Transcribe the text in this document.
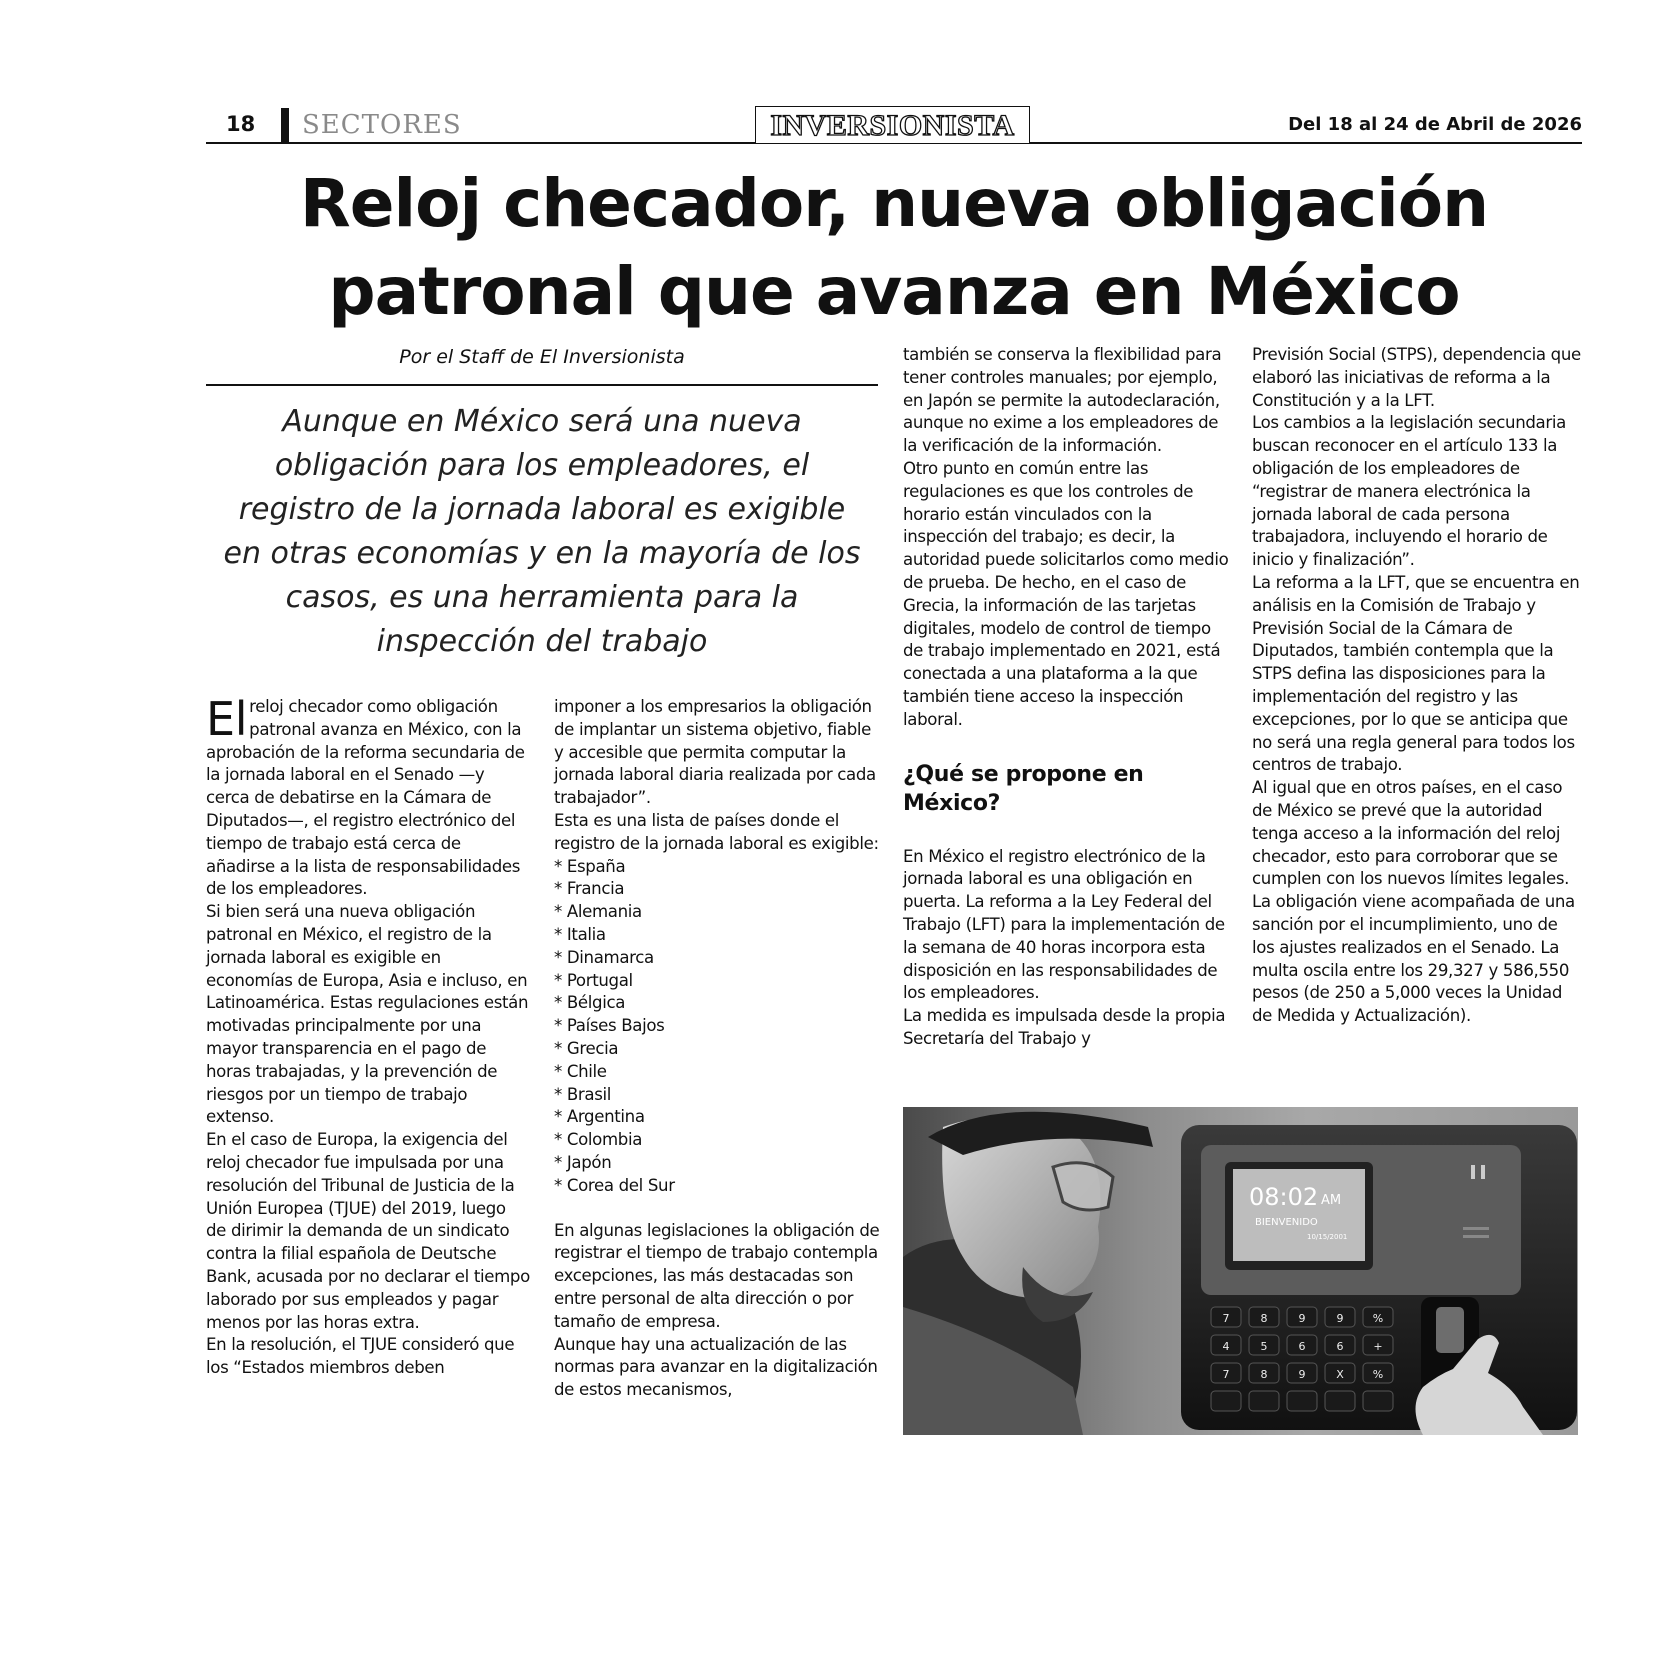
18 SECTORES	INVERSIONISTA	Del 18 al 24 de Abril de 2026
Reloj checador, nueva obligación patronal que avanza en México
Por el Staff de El Inversionista
Aunque en México será una nueva obligación para los empleadores, el registro de la jornada laboral es exigible en otras economías y en la mayoría de los casos, es una herramienta para la inspección del trabajo

El reloj checador como obligación patronal avanza en México, con la aprobación de la reforma secundaria de la jornada laboral en el Senado —y cerca de debatirse en la Cámara de Diputados—, el registro electrónico del tiempo de trabajo está cerca de añadirse a la lista de responsabilidades de los empleadores.

Si bien será una nueva obligación patronal en México, el registro de la jornada laboral es exigible en economías de Europa, Asia e incluso, en Latinoamérica. Estas regulaciones están motivadas principalmente por una mayor transparencia en el pago de horas trabajadas, y la prevención de riesgos por un tiempo de trabajo extenso.

En el caso de Europa, la exigencia del reloj checador fue impulsada por una resolución del Tribunal de Justicia de la Unión Europea (TJUE) del 2019, luego de dirimir la demanda de un sindicato contra la filial española de Deutsche Bank, acusada por no declarar el tiempo laborado por sus empleados y pagar menos por las horas extra.

En la resolución, el TJUE consideró que los “Estados miembros deben

imponer a los empresarios la obligación de implantar un sistema objetivo, fiable y accesible que permita computar la jornada laboral diaria realizada por cada trabajador”.

Esta es una lista de países donde el registro de la jornada laboral es exigible:

* España

* Francia

* Alemania

* Italia

* Dinamarca

* Portugal

* Bélgica

* Países Bajos

* Grecia

* Chile

* Brasil

* Argentina

* Colombia

* Japón

* Corea del Sur

En algunas legislaciones la obligación de registrar el tiempo de trabajo contempla excepciones, las más destacadas son entre personal de alta dirección o por tamaño de empresa.

Aunque hay una actualización de las normas para avanzar en la digitalización de estos mecanismos,

también se conserva la flexibilidad para tener controles manuales; por ejemplo, en Japón se permite la autodeclaración, aunque no exime a los empleadores de la verificación de la información.

Otro punto en común entre las regulaciones es que los controles de horario están vinculados con la inspección del trabajo; es decir, la autoridad puede solicitarlos como medio de prueba. De hecho, en el caso de Grecia, la información de las tarjetas digitales, modelo de control de tiempo de trabajo implementado en 2021, está conectada a una plataforma a la que también tiene acceso la inspección laboral.

¿Qué se propone en México?

En México el registro electrónico de la jornada laboral es una obligación en puerta. La reforma a la Ley Federal del Trabajo (LFT) para la implementación de la semana de 40 horas incorpora esta disposición en las responsabilidades de los empleadores.

La medida es impulsada desde la propia Secretaría del Trabajo y

Previsión Social (STPS), dependencia que elaboró las iniciativas de reforma a la Constitución y a la LFT.

Los cambios a la legislación secundaria buscan reconocer en el artículo 133 la obligación de los empleadores de “registrar de manera electrónica la jornada laboral de cada persona trabajadora, incluyendo el horario de inicio y finalización”.

La reforma a la LFT, que se encuentra en análisis en la Comisión de Trabajo y Previsión Social de la Cámara de Diputados, también contempla que la STPS defina las disposiciones para la implementación del registro y las excepciones, por lo que se anticipa que no será una regla general para todos los centros de trabajo.

Al igual que en otros países, en el caso de México se prevé que la autoridad tenga acceso a la información del reloj checador, esto para corroborar que se cumplen con los nuevos límites legales.

La obligación viene acompañada de una sanción por el incumplimiento, uno de los ajustes realizados en el Senado. La multa oscila entre los 29,327 y 586,550 pesos (de 250 a 5,000 veces la Unidad de Medida y Actualización).

08:02 AM
BIENVENIDO
10/15/2001
7	8	9	9	%
4	5	6	6	+
7	8	9	X	%
